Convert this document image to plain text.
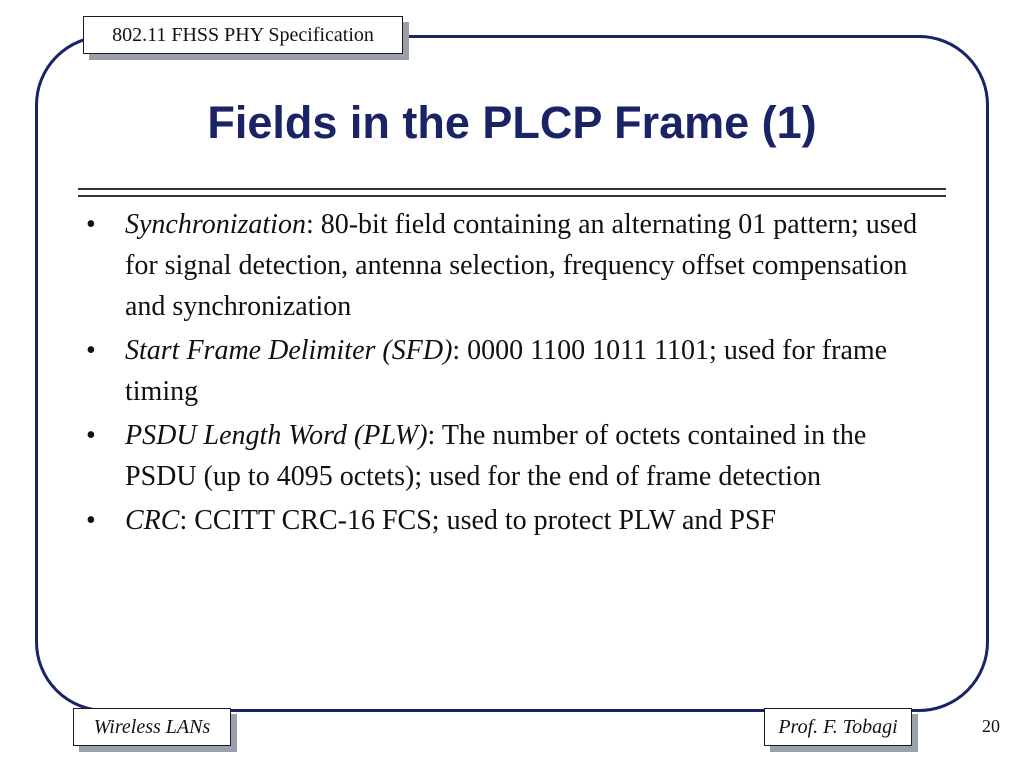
802.11 FHSS PHY Specification
Fields in the PLCP Frame (1)
• Synchronization: 80-bit field containing an alternating 01 pattern; used for signal detection, antenna selection, frequency offset compensation and synchronization
• Start Frame Delimiter (SFD): 0000 1100 1011 1101; used for frame timing
• PSDU Length Word (PLW): The number of octets contained in the PSDU (up to 4095 octets); used for the end of frame detection
• CRC: CCITT CRC-16 FCS; used to protect PLW and PSF
Wireless LANs	Prof. F. Tobagi	20
